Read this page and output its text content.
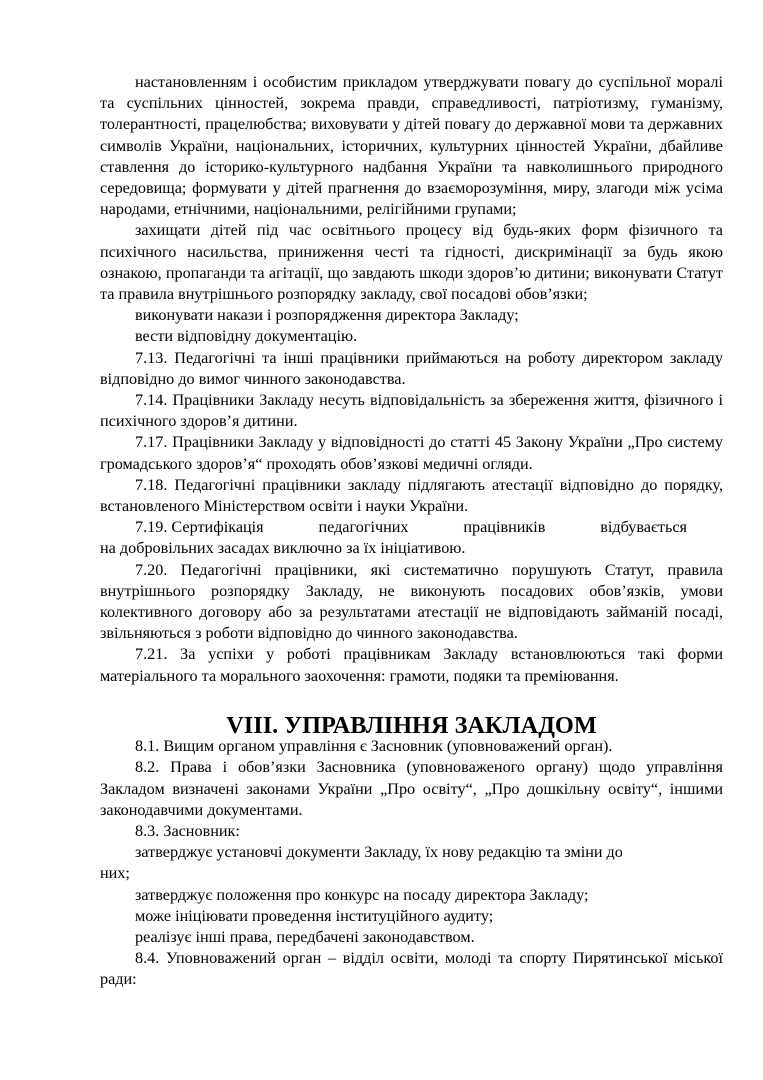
настановленням і особистим прикладом утверджувати повагу до суспільної моралі та суспільних цінностей, зокрема правди, справедливості, патріотизму, гуманізму, толерантності, працелюбства; виховувати у дітей повагу до державної мови та державних символів України, національних, історичних, культурних цінностей України, дбайливе ставлення до історико-культурного надбання України та навколишнього природного середовища; формувати у дітей прагнення до взаєморозуміння, миру, злагоди між усіма народами, етнічними, національними, релігійними групами;

захищати дітей під час освітнього процесу від будь-яких форм фізичного та психічного насильства, приниження честі та гідності, дискримінації за будь якою ознакою, пропаганди та агітації, що завдають шкоди здоров’ю дитини; виконувати Статут та правила внутрішнього розпорядку закладу, свої посадові обов’язки;

виконувати накази і розпорядження директора Закладу;

вести відповідну документацію.

7.13. Педагогічні та інші працівники приймаються на роботу директором закладу відповідно до вимог чинного законодавства.

7.14. Працівники Закладу несуть відповідальність за збереження життя, фізичного і психічного здоров’я дитини.

7.17. Працівники Закладу у відповідності до статті 45 Закону України „Про систему громадського здоров’я“ проходять обов’язкові медичні огляди.

7.18. Педагогічні працівники закладу підлягають атестації відповідно до порядку, встановленого Міністерством освіти і науки України.

7.19. Сертифікація	педагогічних	працівників	відбувається

на добровільних засадах виключно за їх ініціативою.

7.20. Педагогічні працівники, які систематично порушують Статут, правила внутрішнього розпорядку Закладу, не виконують посадових обов’язків, умови колективного договору або за результатами атестації не відповідають займаній посаді, звільняються з роботи відповідно до чинного законодавства.

7.21. За успіхи у роботі працівникам Закладу встановлюються такі форми матеріального та морального заохочення: грамоти, подяки та преміювання.

VIII. УПРАВЛІННЯ ЗАКЛАДОМ

8.1. Вищим органом управління є Засновник (уповноважений орган).

8.2. Права і обов’язки Засновника (уповноваженого органу) щодо управління Закладом визначені законами України „Про освіту“, „Про дошкільну освіту“, іншими законодавчими документами.

8.3. Засновник:

затверджує установчі документи Закладу, їх нову редакцію та зміни до

них;

затверджує положення про конкурс на посаду директора Закладу;

може ініціювати проведення інституційного аудиту;

реалізує інші права, передбачені законодавством.

8.4. Уповноважений орган – відділ освіти, молоді та спорту Пирятинської міської ради:
